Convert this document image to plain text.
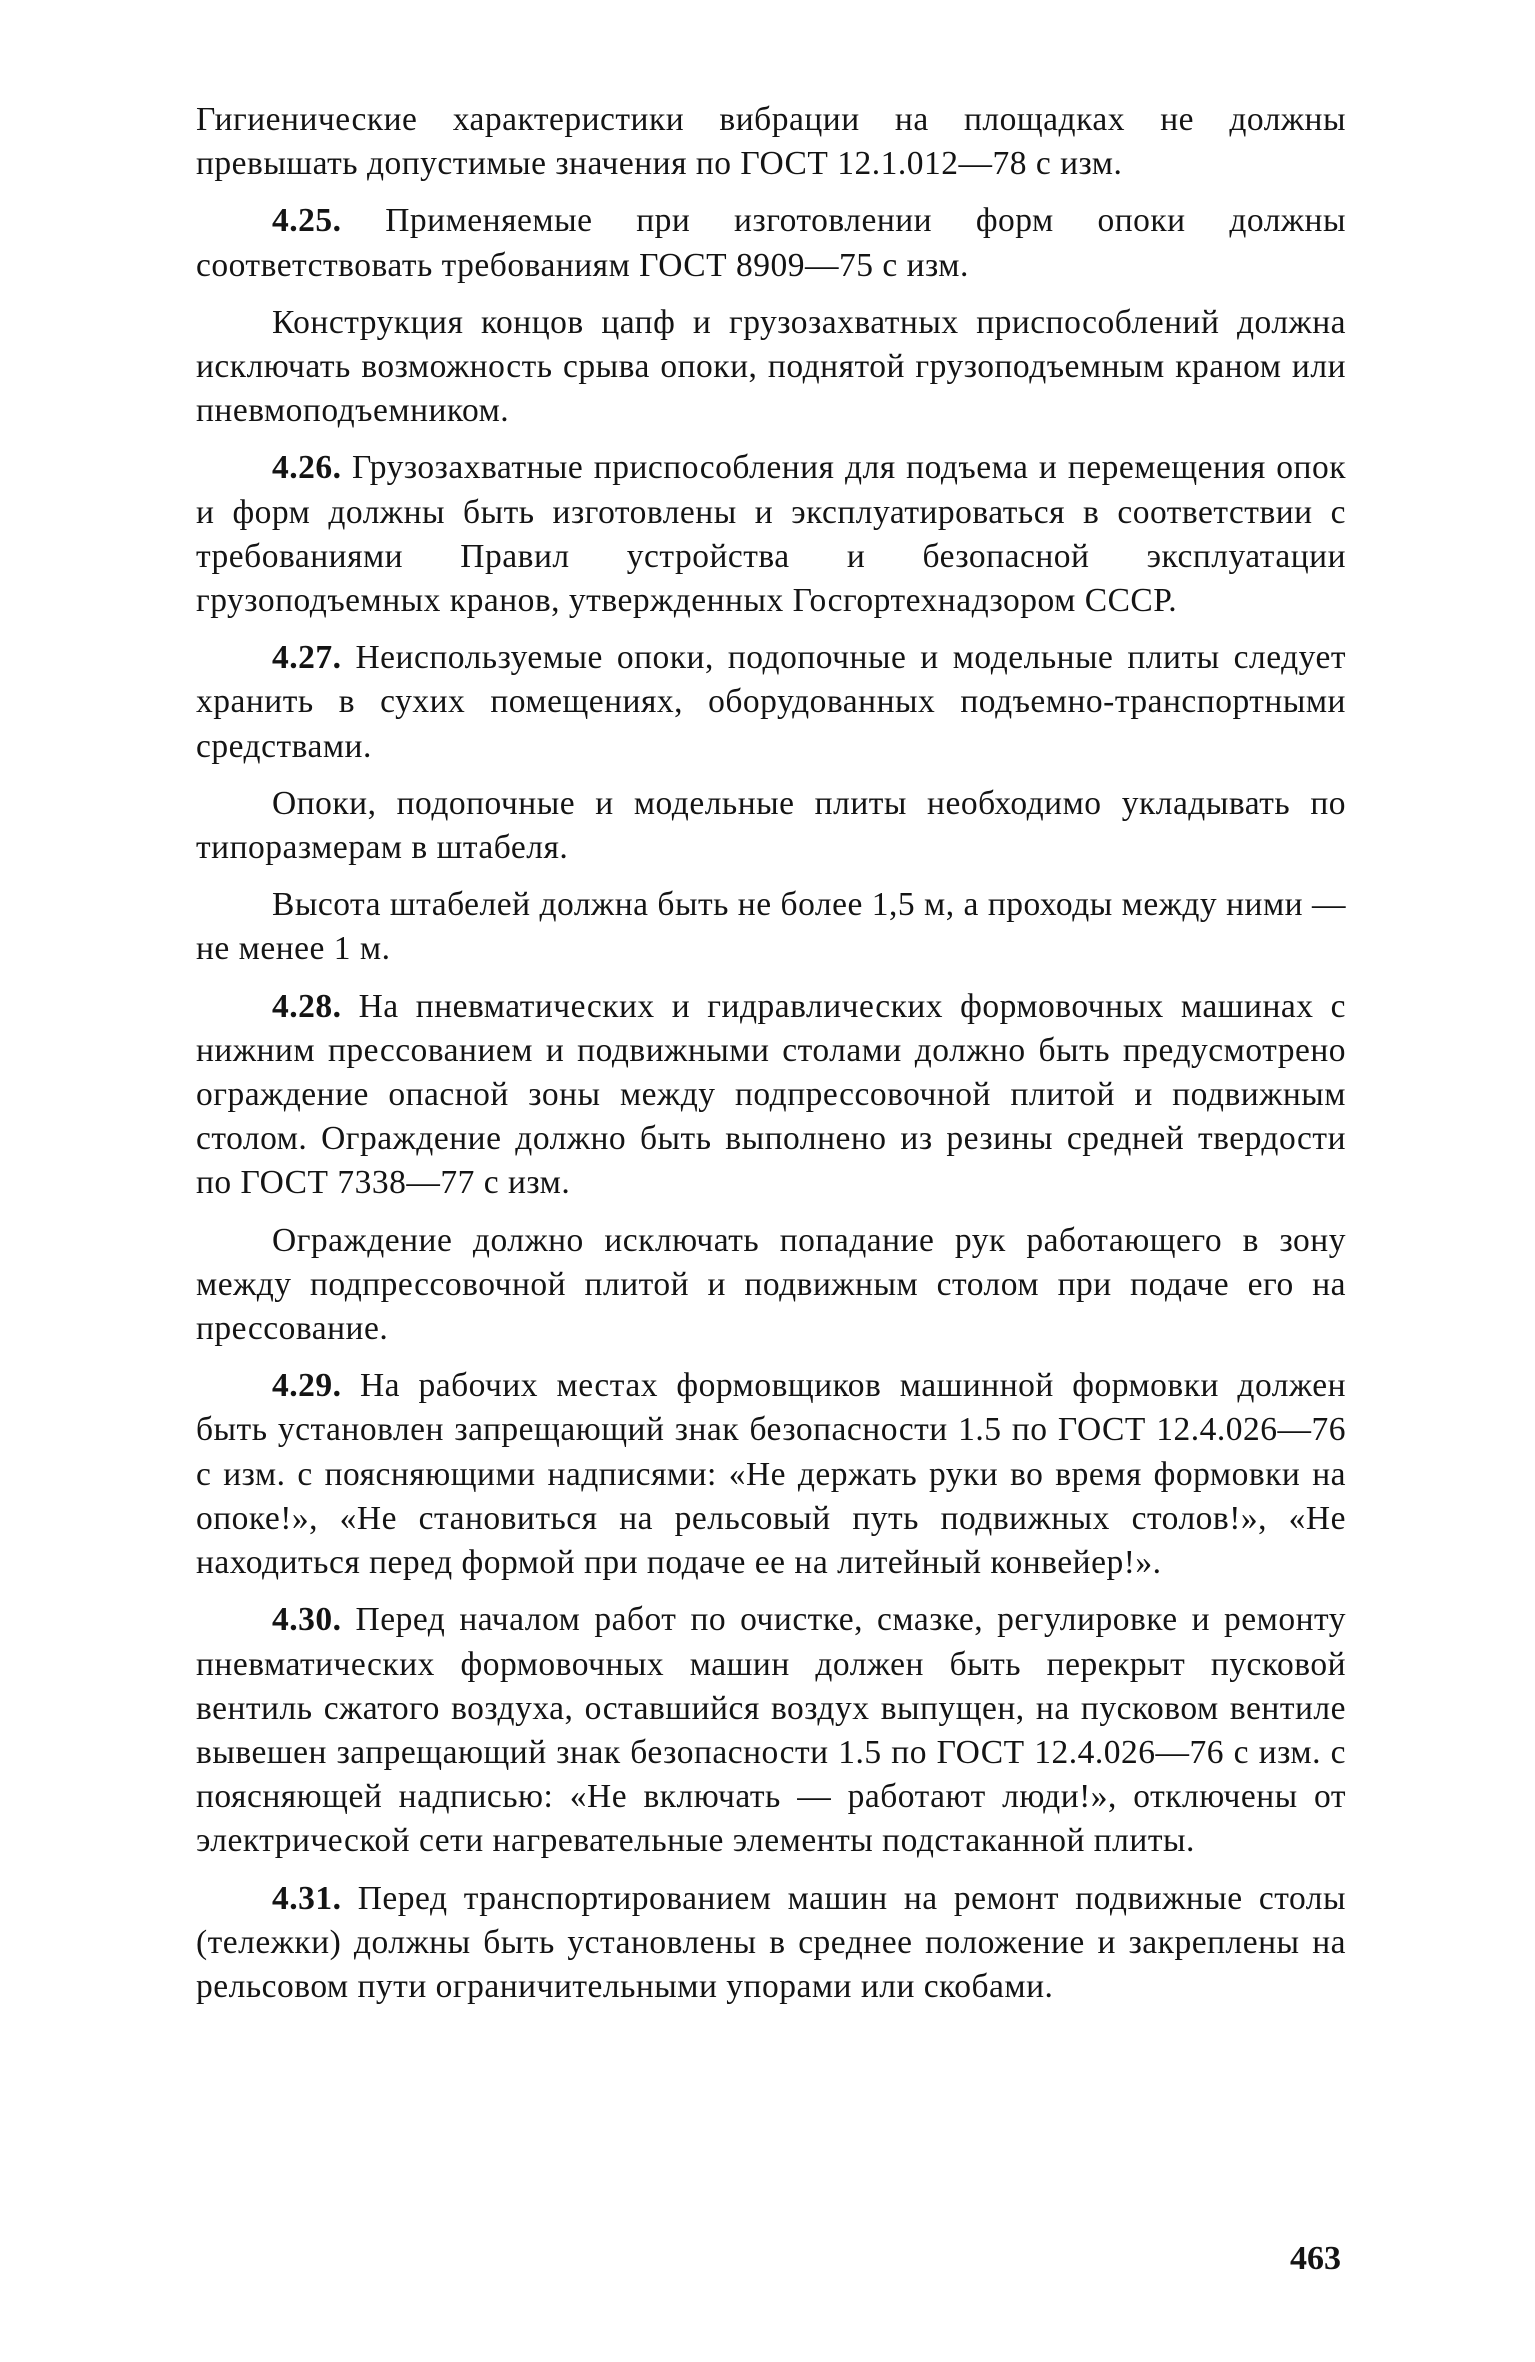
Гигиенические характеристики вибрации на площадках не должны превышать допустимые значения по ГОСТ 12.1.012—78 с изм.

4.25. Применяемые при изготовлении форм опоки должны соответствовать требованиям ГОСТ 8909—75 с изм.

Конструкция концов цапф и грузозахватных приспособлений должна исключать возможность срыва опоки, поднятой грузоподъемным краном или пневмоподъемником.

4.26. Грузозахватные приспособления для подъема и перемещения опок и форм должны быть изготовлены и эксплуатироваться в соответствии с требованиями Правил устройства и безопасной эксплуатации грузоподъемных кранов, утвержденных Госгортехнадзором СССР.

4.27. Неиспользуемые опоки, подопочные и модельные плиты следует хранить в сухих помещениях, оборудованных подъемно-транспортными средствами.

Опоки, подопочные и модельные плиты необходимо укладывать по типоразмерам в штабеля.

Высота штабелей должна быть не более 1,5 м, а проходы между ними — не менее 1 м.

4.28. На пневматических и гидравлических формовочных машинах с нижним прессованием и подвижными столами должно быть предусмотрено ограждение опасной зоны между подпрессовочной плитой и подвижным столом. Ограждение должно быть выполнено из резины средней твердости по ГОСТ 7338—77 с изм.

Ограждение должно исключать попадание рук работающего в зону между подпрессовочной плитой и подвижным столом при подаче его на прессование.

4.29. На рабочих местах формовщиков машинной формовки должен быть установлен запрещающий знак безопасности 1.5 по ГОСТ 12.4.026—76 с изм. с поясняющими надписями: «Не держать руки во время формовки на опоке!», «Не становиться на рельсовый путь подвижных столов!», «Не находиться перед формой при подаче ее на литейный конвейер!».

4.30. Перед началом работ по очистке, смазке, регулировке и ремонту пневматических формовочных машин должен быть перекрыт пусковой вентиль сжатого воздуха, оставшийся воздух выпущен, на пусковом вентиле вывешен запрещающий знак безопасности 1.5 по ГОСТ 12.4.026—76 с изм. с поясняющей надписью: «Не включать — работают люди!», отключены от электрической сети нагревательные элементы подстаканной плиты.

4.31. Перед транспортированием машин на ремонт подвижные столы (тележки) должны быть установлены в среднее положение и закреплены на рельсовом пути ограничительными упорами или скобами.

463
